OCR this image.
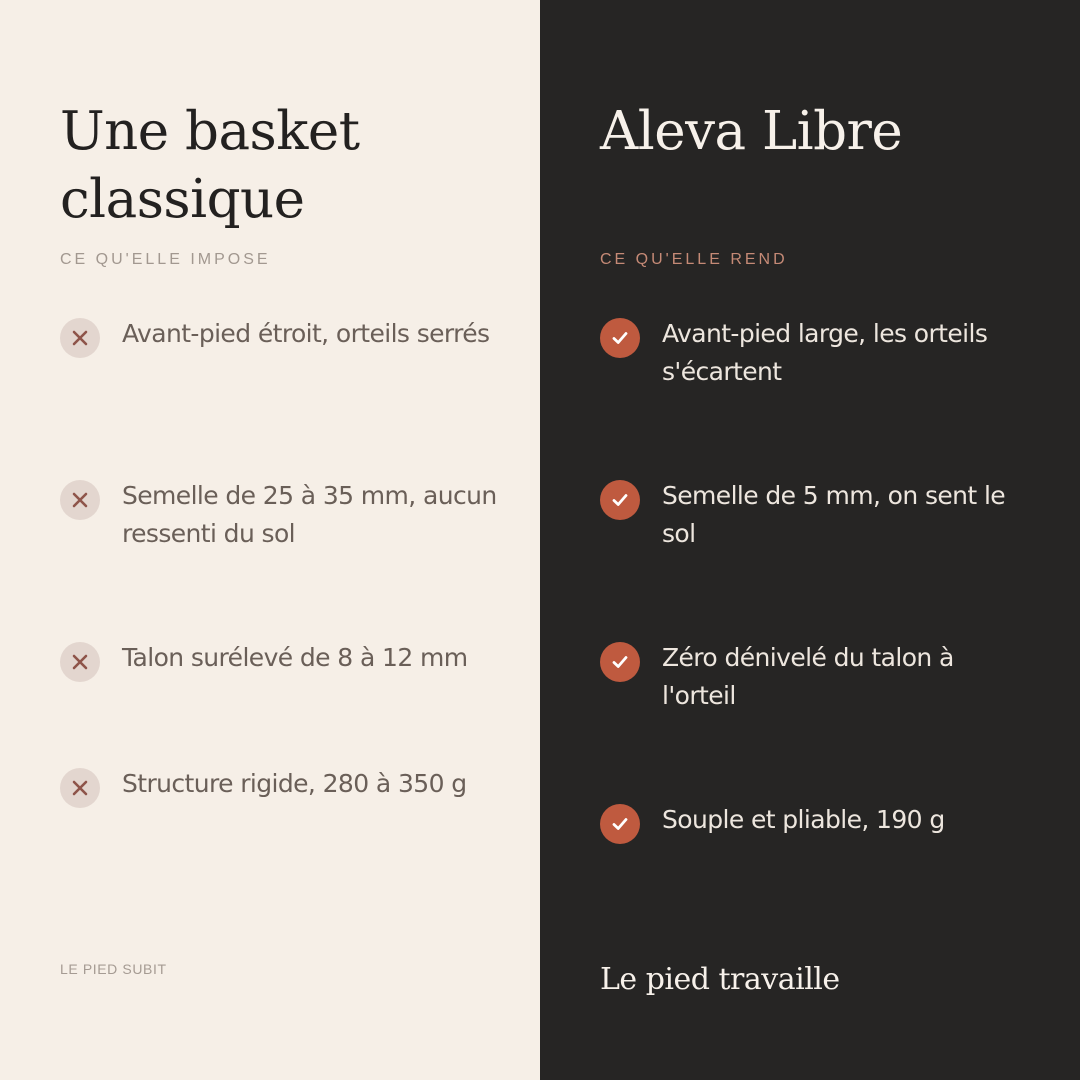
Une basket
classique

CE QU'ELLE IMPOSE

Avant-pied étroit, orteils serrés
Semelle de 25 à 35 mm, aucun ressenti du sol
Talon surélevé de 8 à 12 mm
Structure rigide, 280 à 350 g

LE PIED SUBIT

Aleva Libre

CE QU'ELLE REND

Avant-pied large, les orteils s'écartent
Semelle de 5 mm, on sent le sol
Zéro dénivelé du talon à l'orteil
Souple et pliable, 190 g

Le pied travaille
